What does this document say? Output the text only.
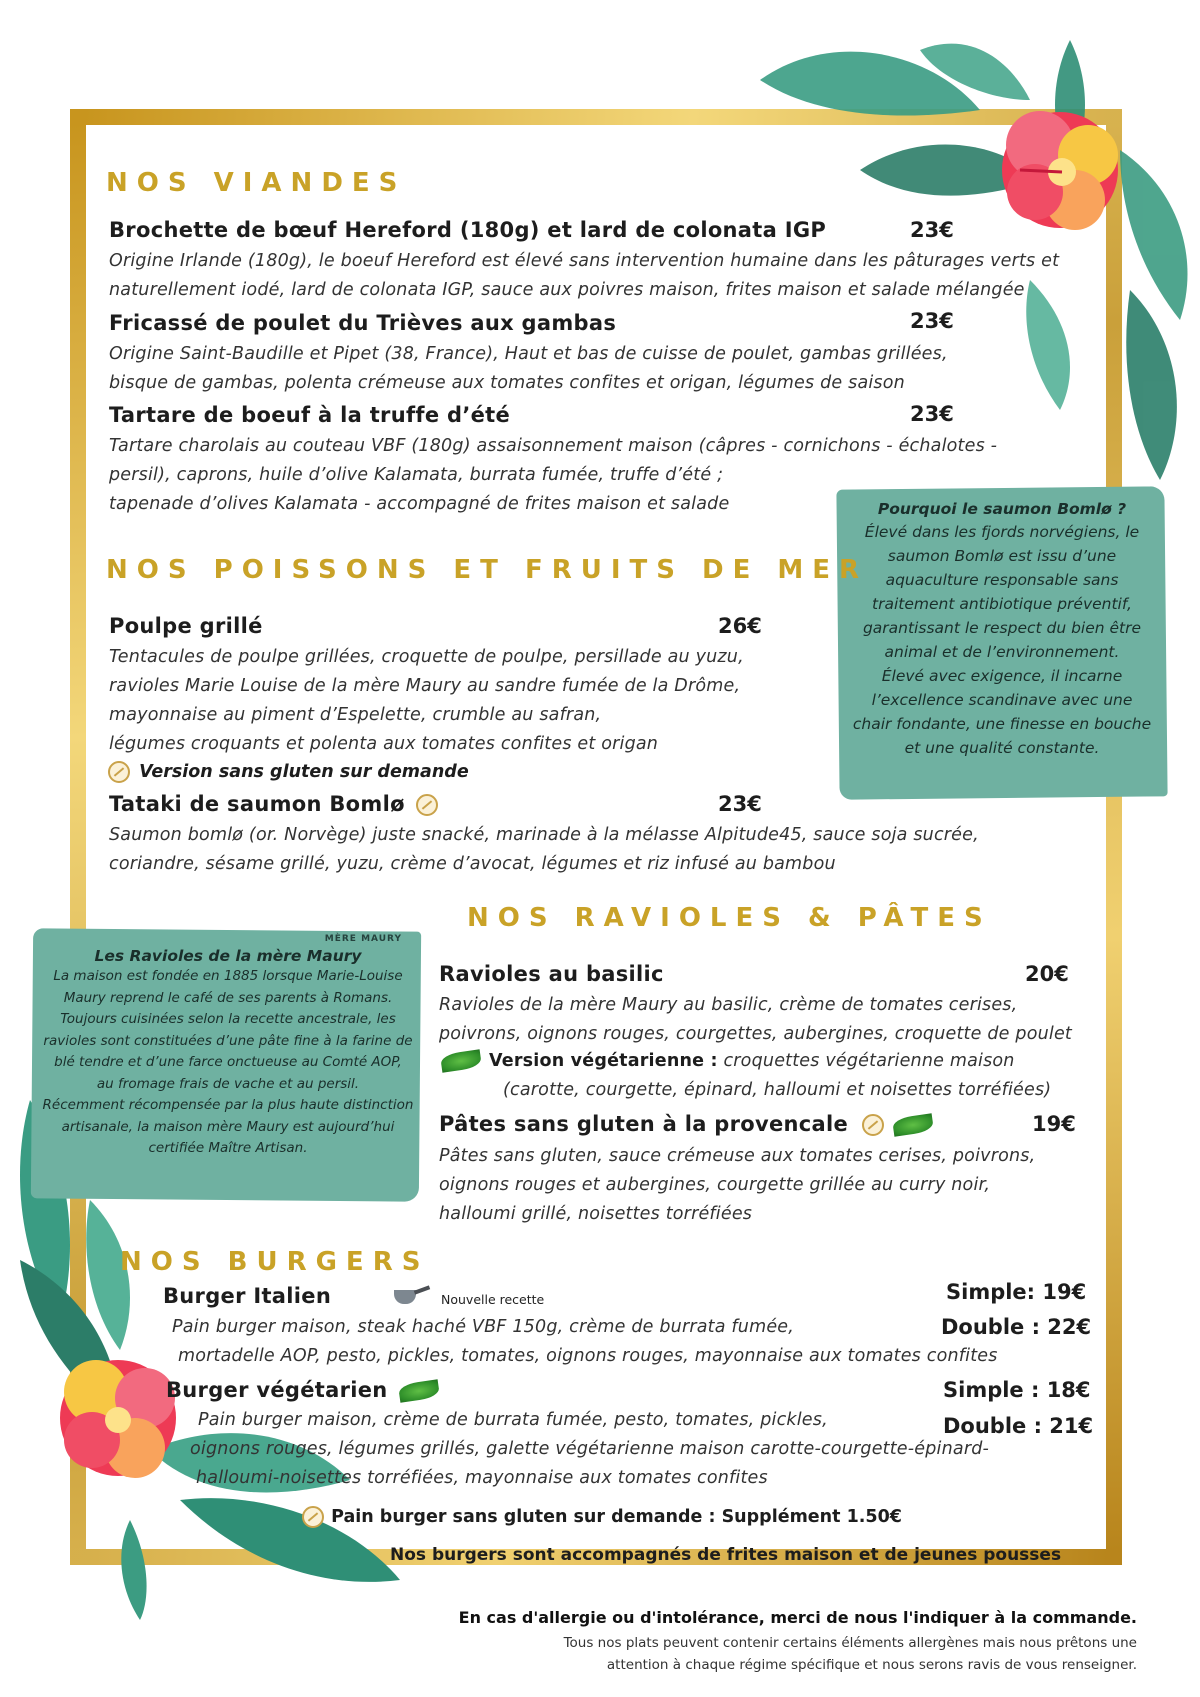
NOS VIANDES
Brochette de bœuf Hereford (180g) et lard de colonata IGP	23€
Origine Irlande (180g), le boeuf Hereford est élevé sans intervention humaine dans les pâturages verts et
naturellement iodé, lard de colonata IGP, sauce aux poivres maison, frites maison et salade mélangée
Fricassé de poulet du Trièves aux gambas	23€
Origine Saint-Baudille et Pipet (38, France), Haut et bas de cuisse de poulet, gambas grillées,
bisque de gambas, polenta crémeuse aux tomates confites et origan, légumes de saison
Tartare de boeuf à la truffe d’été	23€
Tartare charolais au couteau VBF (180g) assaisonnement maison (câpres - cornichons - échalotes -
persil), caprons, huile d’olive Kalamata, burrata fumée, truffe d’été ;
tapenade d’olives Kalamata - accompagné de frites maison et salade	Pourquoi le saumon Bomlø ?
Élevé dans les fjords norvégiens, le
saumon Bomlø est issu d’une
aquaculture responsable sans
traitement antibiotique préventif,
garantissant le respect du bien être
animal et de l’environnement.
Élevé avec exigence, il incarne
l’excellence scandinave avec une
chair fondante, une finesse en bouche
et une qualité constante.
NOS POISSONS ET FRUITS DE MER
Poulpe grillé	26€
Tentacules de poulpe grillées, croquette de poulpe, persillade au yuzu,
ravioles Marie Louise de la mère Maury au sandre fumée de la Drôme,
mayonnaise au piment d’Espelette, crumble au safran,
légumes croquants et polenta aux tomates confites et origan
Version sans gluten sur demande
Tataki de saumon Bomlø	23€
Saumon bomlø (or. Norvège) juste snacké, marinade à la mélasse Alpitude45, sauce soja sucrée,
coriandre, sésame grillé, yuzu, crème d’avocat, légumes et riz infusé au bambou
NOS RAVIOLES & PÂTES
Les Ravioles de la mère Maury
MÈRE MAURY
La maison est fondée en 1885 lorsque Marie-Louise
Maury reprend le café de ses parents à Romans.
Toujours cuisinées selon la recette ancestrale, les
ravioles sont constituées d’une pâte fine à la farine de
blé tendre et d’une farce onctueuse au Comté AOP,
au fromage frais de vache et au persil.
Récemment récompensée par la plus haute distinction
artisanale, la maison mère Maury est aujourd’hui
certifiée Maître Artisan.
Ravioles au basilic	20€
Ravioles de la mère Maury au basilic, crème de tomates cerises,
poivrons, oignons rouges, courgettes, aubergines, croquette de poulet
Version végétarienne : croquettes végétarienne maison
(carotte, courgette, épinard, halloumi et noisettes torréfiées)
Pâtes sans gluten à la provencale	19€
Pâtes sans gluten, sauce crémeuse aux tomates cerises, poivrons,
oignons rouges et aubergines, courgette grillée au curry noir,
halloumi grillé, noisettes torréfiées
NOS BURGERS
Burger Italien	Nouvelle recette	Simple: 19€
Double : 22€
Pain burger maison, steak haché VBF 150g, crème de burrata fumée,
mortadelle AOP, pesto, pickles, tomates, oignons rouges, mayonnaise aux tomates confites
Burger végétarien	Simple : 18€
Double : 21€
Pain burger maison, crème de burrata fumée, pesto, tomates, pickles,
oignons rouges, légumes grillés, galette végétarienne maison carotte-courgette-épinard-
halloumi-noisettes torréfiées, mayonnaise aux tomates confites
Pain burger sans gluten sur demande : Supplément 1.50€
Nos burgers sont accompagnés de frites maison et de jeunes pousses
En cas d'allergie ou d'intolérance, merci de nous l'indiquer à la commande.
Tous nos plats peuvent contenir certains éléments allergènes mais nous prêtons une
attention à chaque régime spécifique et nous serons ravis de vous renseigner.
